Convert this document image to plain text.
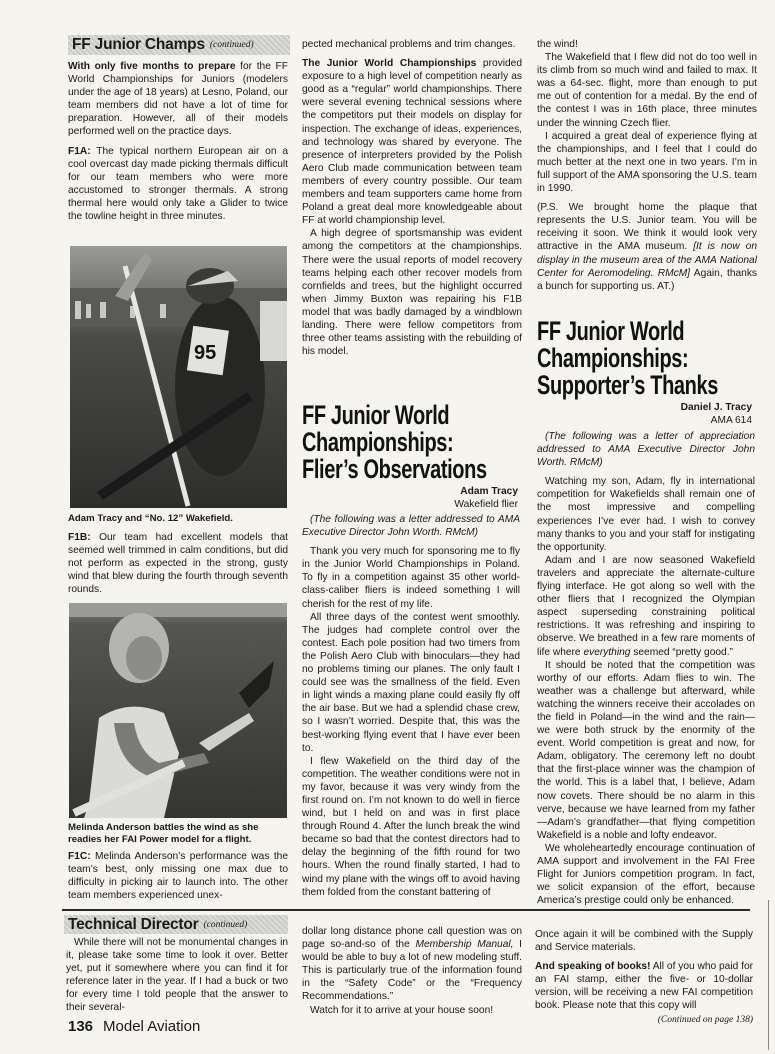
FF Junior Champs (continued)

With only five months to prepare for the FF World Championships for Juniors (modelers under the age of 18 years) at Lesno, Poland, our team members did not have a lot of time for preparation. However, all of their models performed well on the practice days.

F1A: The typical northern European air on a cool overcast day made picking thermals difficult for our team members who were more accustomed to stronger thermals. A strong thermal here would only take a Glider to twice the towline height in three minutes.

95
Adam Tracy and “No. 12” Wakefield.

F1B: Our team had excellent models that seemed well trimmed in calm conditions, but did not perform as expected in the strong, gusty wind that blew during the fourth through seventh rounds.

Melinda Anderson battles the wind as she readies her FAI Power model for a flight.

F1C: Melinda Anderson’s performance was the team’s best, only missing one max due to difficulty in picking air to launch into. The other team members experienced unex-

pected mechanical problems and trim changes.

The Junior World Championships provided exposure to a high level of competition nearly as good as a “regular” world championships. There were several evening technical sessions where the competitors put their models on display for inspection. The exchange of ideas, experiences, and technology was shared by everyone. The presence of interpreters provided by the Polish Aero Club made communication between team members of every country possible. Our team members and team supporters came home from Poland a great deal more knowledgeable about FF at world championship level.

A high degree of sportsmanship was evident among the competitors at the championships. There were the usual reports of model recovery teams helping each other recover models from cornfields and trees, but the highlight occurred when Jimmy Buxton was repairing his F1B model that was badly damaged by a windblown landing. There were fellow competitors from three other teams assisting with the rebuilding of his model.

FF Junior World
Championships:
Flier’s Observations
Adam Tracy
Wakefield flier

(The following was a letter addressed to AMA Executive Director John Worth. RMcM)

Thank you very much for sponsoring me to fly in the Junior World Championships in Poland. To fly in a competition against 35 other world-class-caliber fliers is indeed something I will cherish for the rest of my life.

All three days of the contest went smoothly. The judges had complete control over the contest. Each pole position had two timers from the Polish Aero Club with binoculars—they had no problems timing our planes. The only fault I could see was the smallness of the field. Even in light winds a maxing plane could easily fly off the air base. But we had a splendid chase crew, so I wasn’t worried. Despite that, this was the best-working flying event that I have ever been to.

I flew Wakefield on the third day of the competition. The weather conditions were not in my favor, because it was very windy from the first round on. I’m not known to do well in fierce wind, but I held on and was in first place through Round 4. After the lunch break the wind became so bad that the contest directors had to delay the beginning of the fifth round for two hours. When the round finally started, I had to wind my plane with the wings off to avoid having them folded from the constant battering of

the wind!

The Wakefield that I flew did not do too well in its climb from so much wind and failed to max. It was a 64-sec. flight, more than enough to put me out of contention for a medal. By the end of the contest I was in 16th place, three minutes under the winning Czech flier.

I acquired a great deal of experience flying at the championships, and I feel that I could do much better at the next one in two years. I’m in full support of the AMA sponsoring the U.S. team in 1990.

(P.S. We brought home the plaque that represents the U.S. Junior team. You will be receiving it soon. We think it would look very attractive in the AMA museum. [It is now on display in the museum area of the AMA National Center for Aeromodeling. RMcM] Again, thanks a bunch for supporting us. AT.)

FF Junior World
Championships:
Supporter’s Thanks
Daniel J. Tracy
AMA 614

(The following was a letter of appreciation addressed to AMA Executive Director John Worth. RMcM)

Watching my son, Adam, fly in international competition for Wakefields shall remain one of the most impressive and compelling experiences I’ve ever had. I wish to convey many thanks to you and your staff for instigating the opportunity.

Adam and I are now seasoned Wakefield travelers and appreciate the alternate-culture flying interface. He got along so well with the other fliers that I recognized the Olympian aspect superseding constraining political restrictions. It was refreshing and inspiring to observe. We breathed in a few rare moments of life where everything seemed “pretty good.”

It should be noted that the competition was worthy of our efforts. Adam flies to win. The weather was a challenge but afterward, while watching the winners receive their accolades on the field in Poland—in the wind and the rain—we were both struck by the enormity of the event. World competition is great and now, for Adam, obligatory. The ceremony left no doubt that the first-place winner was the champion of the world. This is a label that, I believe, Adam now covets. There should be no alarm in this verve, because we have learned from my father—Adam’s grandfather—that flying competition Wakefield is a noble and lofty endeavor.

We wholeheartedly encourage continuation of AMA support and involvement in the FAI Free Flight for Juniors competition program. In fact, we solicit expansion of the effort, because America’s prestige could only be enhanced.

Technical Director (continued)

While there will not be monumental changes in it, please take some time to look it over. Better yet, put it somewhere where you can find it for reference later in the year. If I had a buck or two for every time I told people that the answer to their several-

dollar long distance phone call question was on page so-and-so of the Membership Manual, I would be able to buy a lot of new modeling stuff. This is particularly true of the information found in the “Safety Code” or the “Frequency Recommendations.”

Watch for it to arrive at your house soon!

Once again it will be combined with the Supply and Service materials.

And speaking of books! All of you who paid for an FAI stamp, either the five- or 10-dollar version, will be receiving a new FAI competition book. Please note that this copy will

(Continued on page 138)
136 Model Aviation
